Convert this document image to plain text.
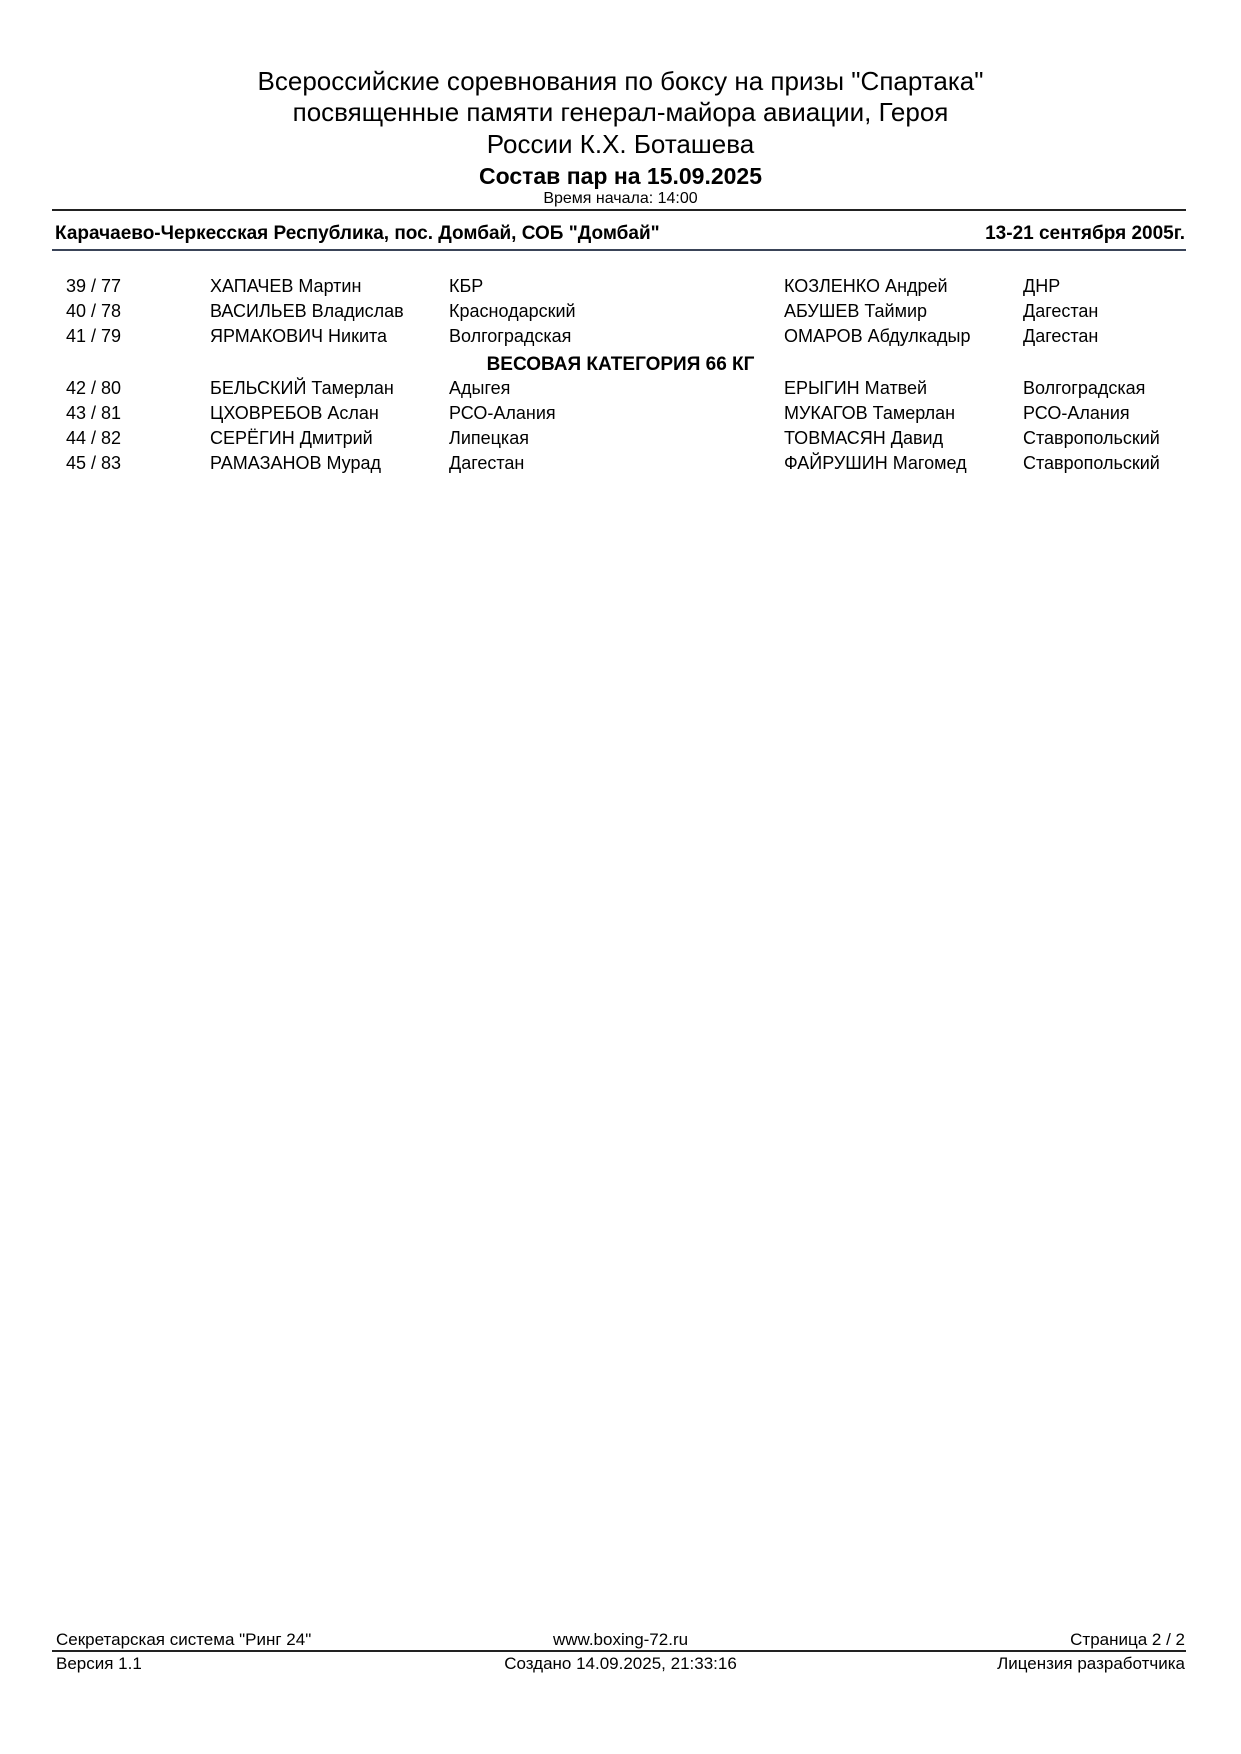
Всероссийские соревнования по боксу на призы "Спартака"
посвященные памяти генерал-майора авиации, Героя
России К.Х. Боташева
Состав пар на 15.09.2025
Время начала: 14:00
Карачаево-Черкесская Республика, пос. Домбай, СОБ "Домбай"	13-21 сентября 2005г.
39 / 77	ХАПАЧЕВ Мартин	КБР	КОЗЛЕНКО Андрей	ДНР
40 / 78	ВАСИЛЬЕВ Владислав	Краснодарский	АБУШЕВ Таймир	Дагестан
41 / 79	ЯРМАКОВИЧ Никита	Волгоградская	ОМАРОВ Абдулкадыр	Дагестан
ВЕСОВАЯ КАТЕГОРИЯ 66 КГ
42 / 80	БЕЛЬСКИЙ Тамерлан	Адыгея	ЕРЫГИН Матвей	Волгоградская
43 / 81	ЦХОВРЕБОВ Аслан	РСО-Алания	МУКАГОВ Тамерлан	РСО-Алания
44 / 82	СЕРЁГИН Дмитрий	Липецкая	ТОВМАСЯН Давид	Ставропольский
45 / 83	РАМАЗАНОВ Мурад	Дагестан	ФАЙРУШИН Магомед	Ставропольский
Секретарская система "Ринг 24"	www.boxing-72.ru	Страница 2 / 2
Версия 1.1	Создано 14.09.2025, 21:33:16	Лицензия разработчика
